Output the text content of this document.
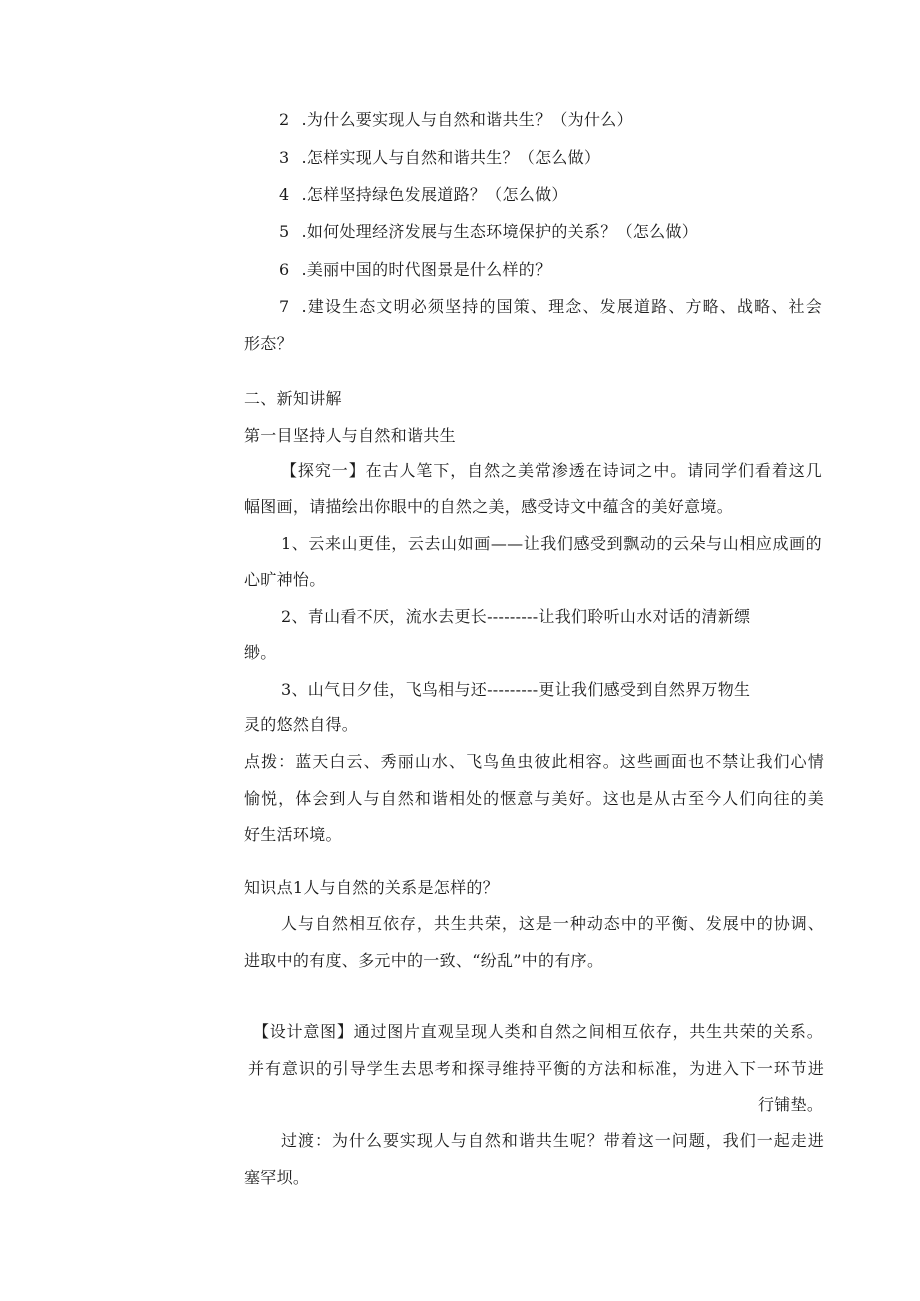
2 .为什么要实现人与自然和谐共生？（为什么）
3 .怎样实现人与自然和谐共生？（怎么做）
4 .怎样坚持绿色发展道路？（怎么做）
5 .如何处理经济发展与生态环境保护的关系？（怎么做）
6 .美丽中国的时代图景是什么样的？
7 .建设生态文明必须坚持的国策、理念、发展道路、方略、战略、社会
形态？
二、新知讲解
第一目坚持人与自然和谐共生
【探究一】在古人笔下，自然之美常渗透在诗词之中。请同学们看着这几
幅图画，请描绘出你眼中的自然之美，感受诗文中蕴含的美好意境。
1、云来山更佳，云去山如画——让我们感受到飘动的云朵与山相应成画的
心旷神怡。
2、青山看不厌，流水去更长---------让我们聆听山水对话的清新缥
缈。
3、山气日夕佳，飞鸟相与还---------更让我们感受到自然界万物生
灵的悠然自得。
点拨：蓝天白云、秀丽山水、飞鸟鱼虫彼此相容。这些画面也不禁让我们心情
愉悦，体会到人与自然和谐相处的惬意与美好。这也是从古至今人们向往的美
好生活环境。
知识点1人与自然的关系是怎样的？
人与自然相互依存，共生共荣，这是一种动态中的平衡、发展中的协调、
进取中的有度、多元中的一致、“纷乱”中的有序。
【设计意图】通过图片直观呈现人类和自然之间相互依存，共生共荣的关系。
并有意识的引导学生去思考和探寻维持平衡的方法和标准，为进入下一环节进
行铺垫。
过渡：为什么要实现人与自然和谐共生呢？带着这一问题，我们一起走进
塞罕坝。
